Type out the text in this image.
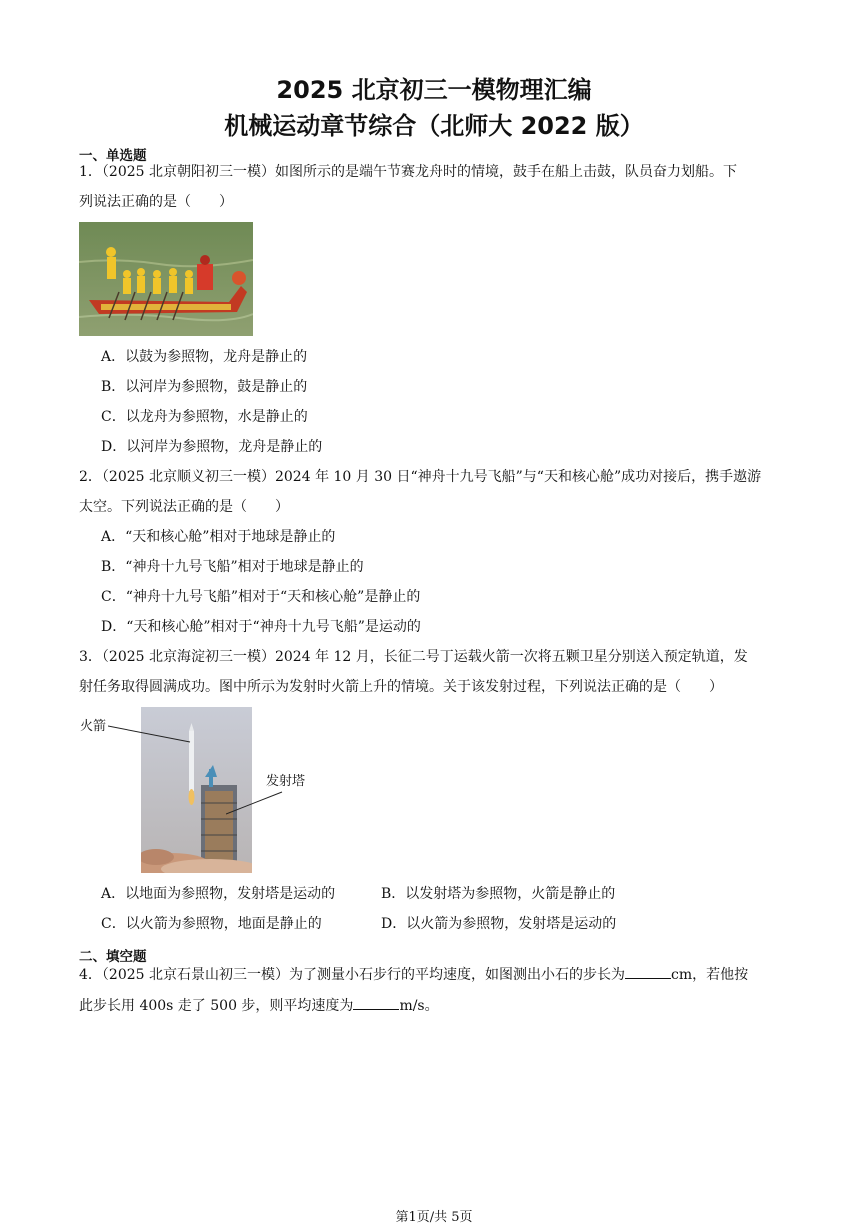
2025 北京初三一模物理汇编
机械运动章节综合（北师大 2022 版）
一、单选题
1．（2025 北京朝阳初三一模）如图所示的是端午节赛龙舟时的情境，鼓手在船上击鼓，队员奋力划船。下
列说法正确的是（　　）
A．以鼓为参照物，龙舟是静止的
B．以河岸为参照物，鼓是静止的
C．以龙舟为参照物，水是静止的
D．以河岸为参照物，龙舟是静止的
2．（2025 北京顺义初三一模）2024 年 10 月 30 日“神舟十九号飞船”与“天和核心舱”成功对接后，携手遨游
太空。下列说法正确的是（　　）
A．“天和核心舱”相对于地球是静止的
B．“神舟十九号飞船”相对于地球是静止的
C．“神舟十九号飞船”相对于“天和核心舱”是静止的
D．“天和核心舱”相对于“神舟十九号飞船”是运动的
3．（2025 北京海淀初三一模）2024 年 12 月，长征二号丁运载火箭一次将五颗卫星分别送入预定轨道，发
射任务取得圆满成功。图中所示为发射时火箭上升的情境。关于该发射过程，下列说法正确的是（　　）
火箭
发射塔
A．以地面为参照物，发射塔是运动的	B．以发射塔为参照物，火箭是静止的
C．以火箭为参照物，地面是静止的	D．以火箭为参照物，发射塔是运动的
二、填空题
4．（2025 北京石景山初三一模）为了测量小石步行的平均速度，如图测出小石的步长为	cm，若他按
此步长用 400s 走了 500 步，则平均速度为	m/s。
第1页/共 5页
